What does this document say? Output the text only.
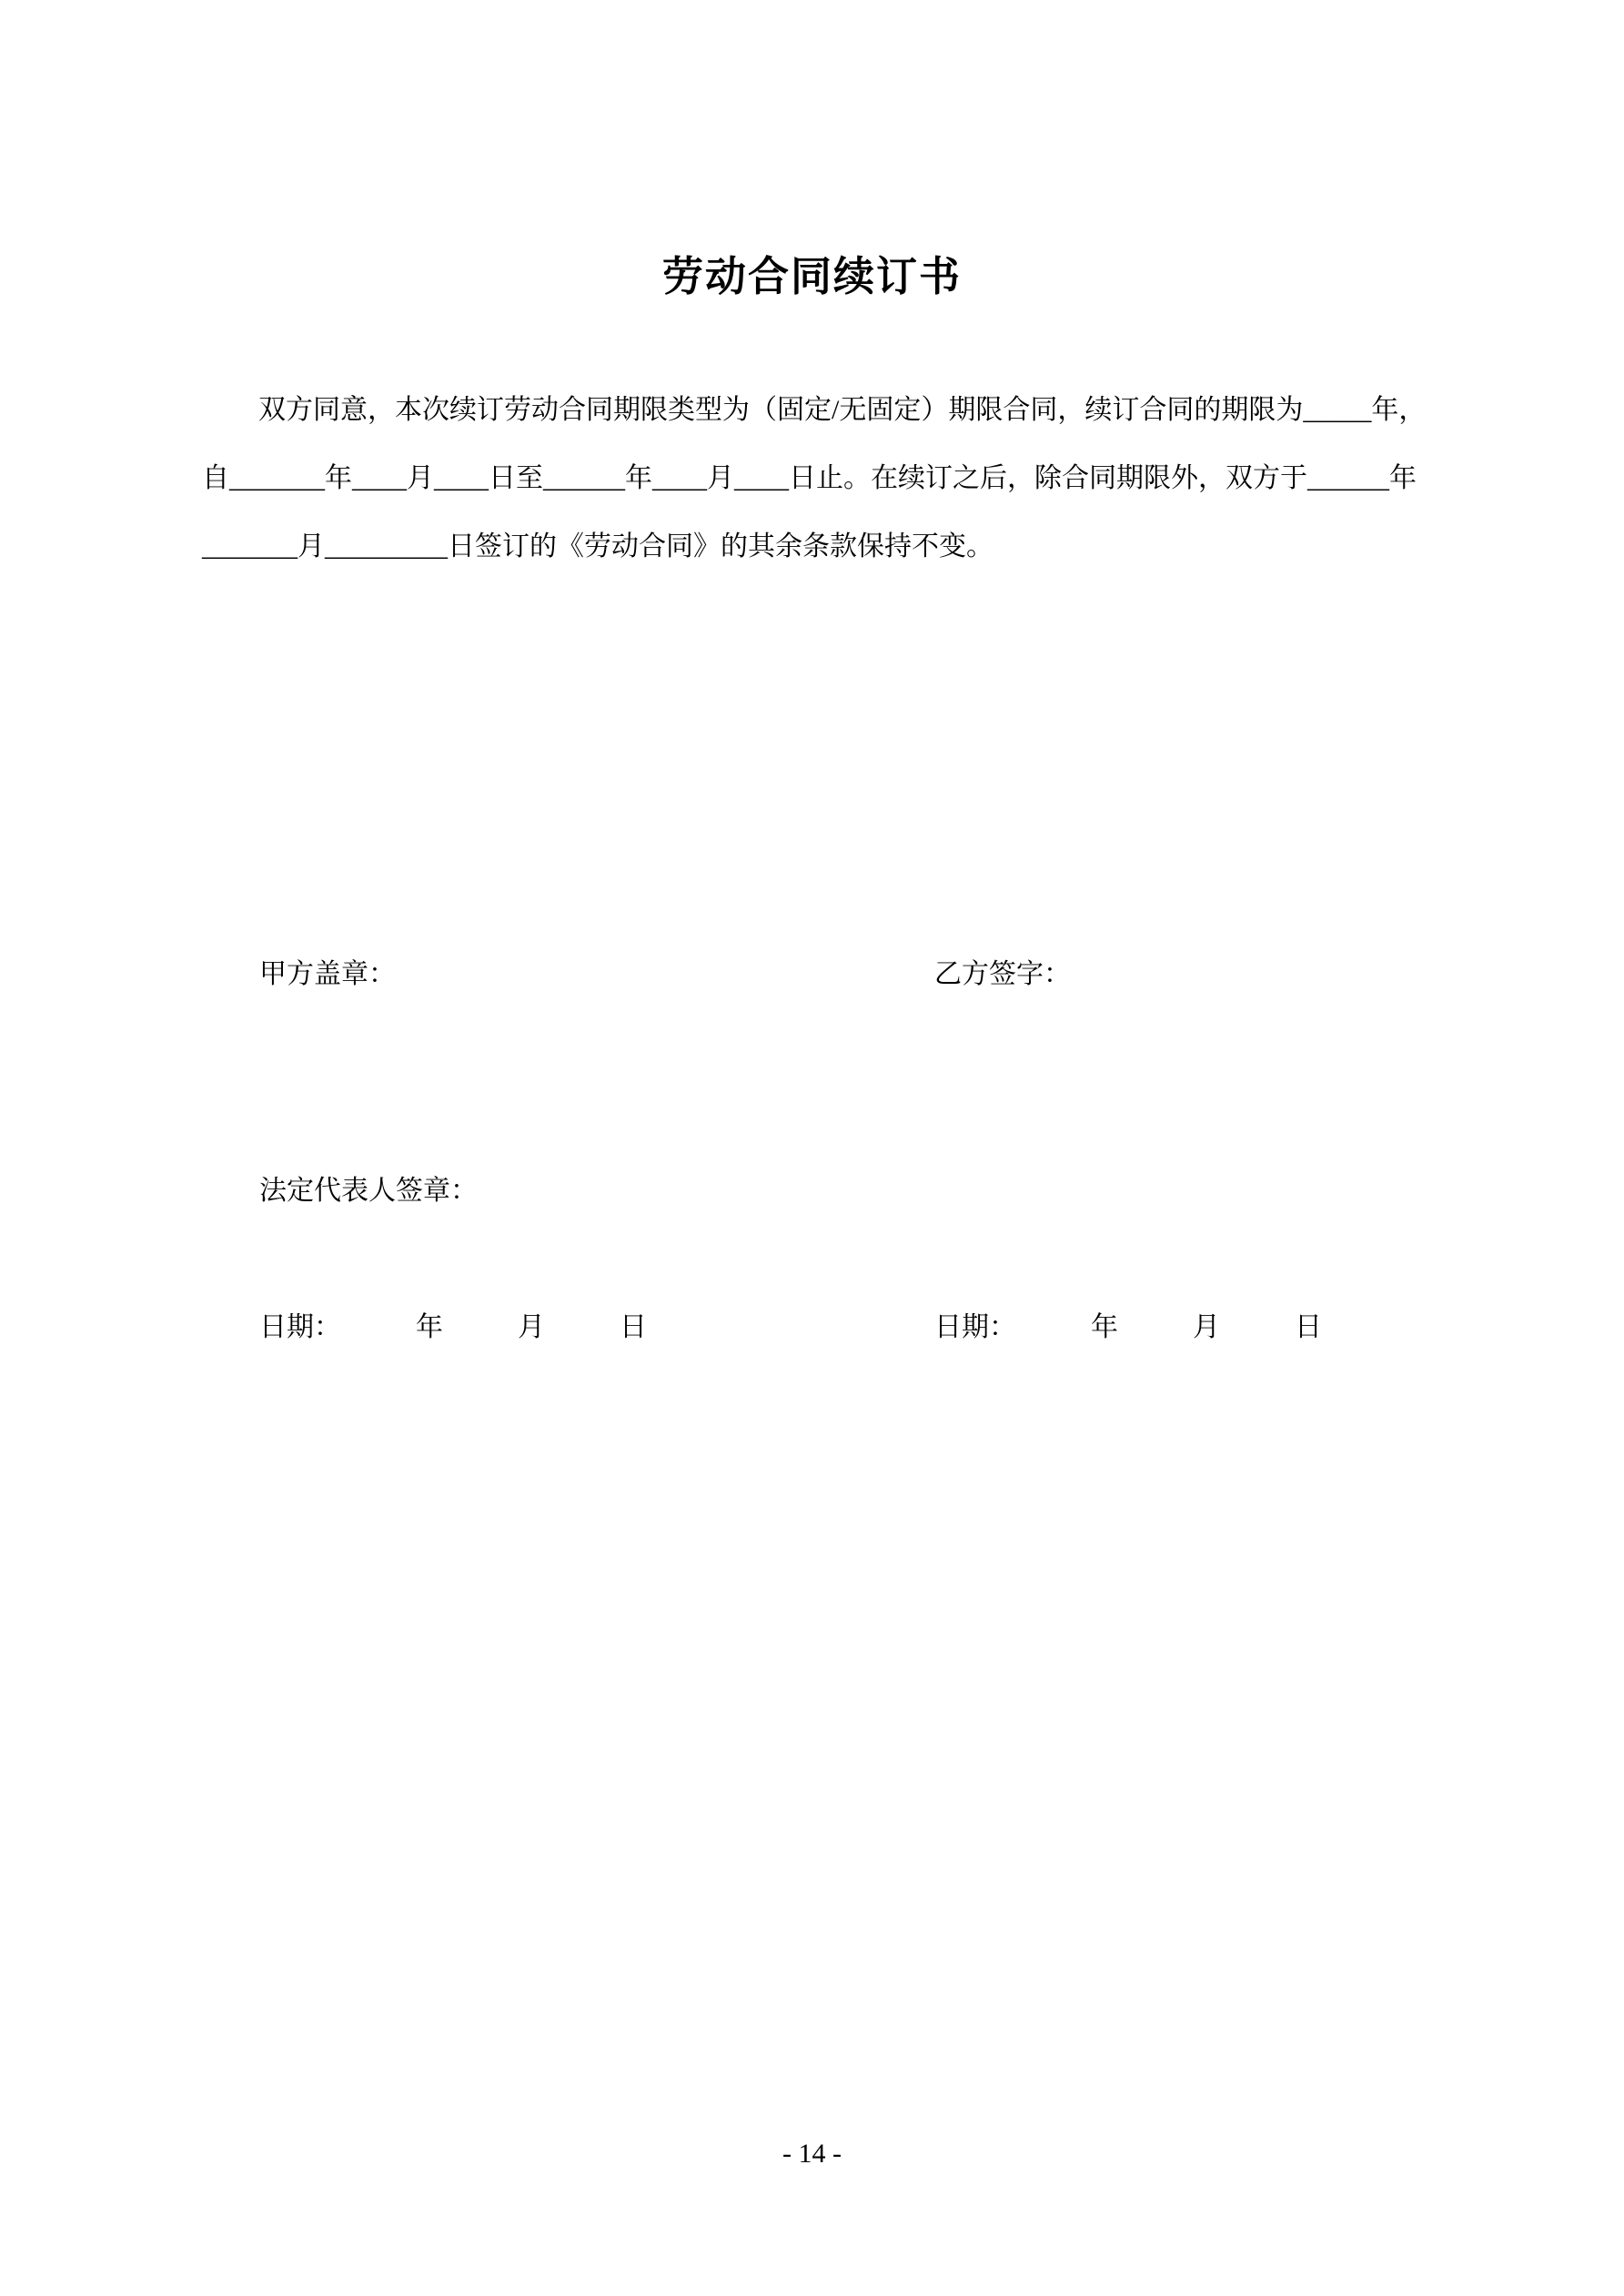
劳动合同续订书
双方同意，本次续订劳动合同期限类型为（固定/无固定）期限合同，续订合同的期限为_____年，
自_______年____月____日至______年____月____日止。在续订之后，除合同期限外，双方于______年
_______月_________日签订的《劳动合同》的其余条款保持不变。
甲方盖章：	乙方签字：
法定代表人签章：
日期：	年	月	日	日期：	年	月	日
- 14 -
